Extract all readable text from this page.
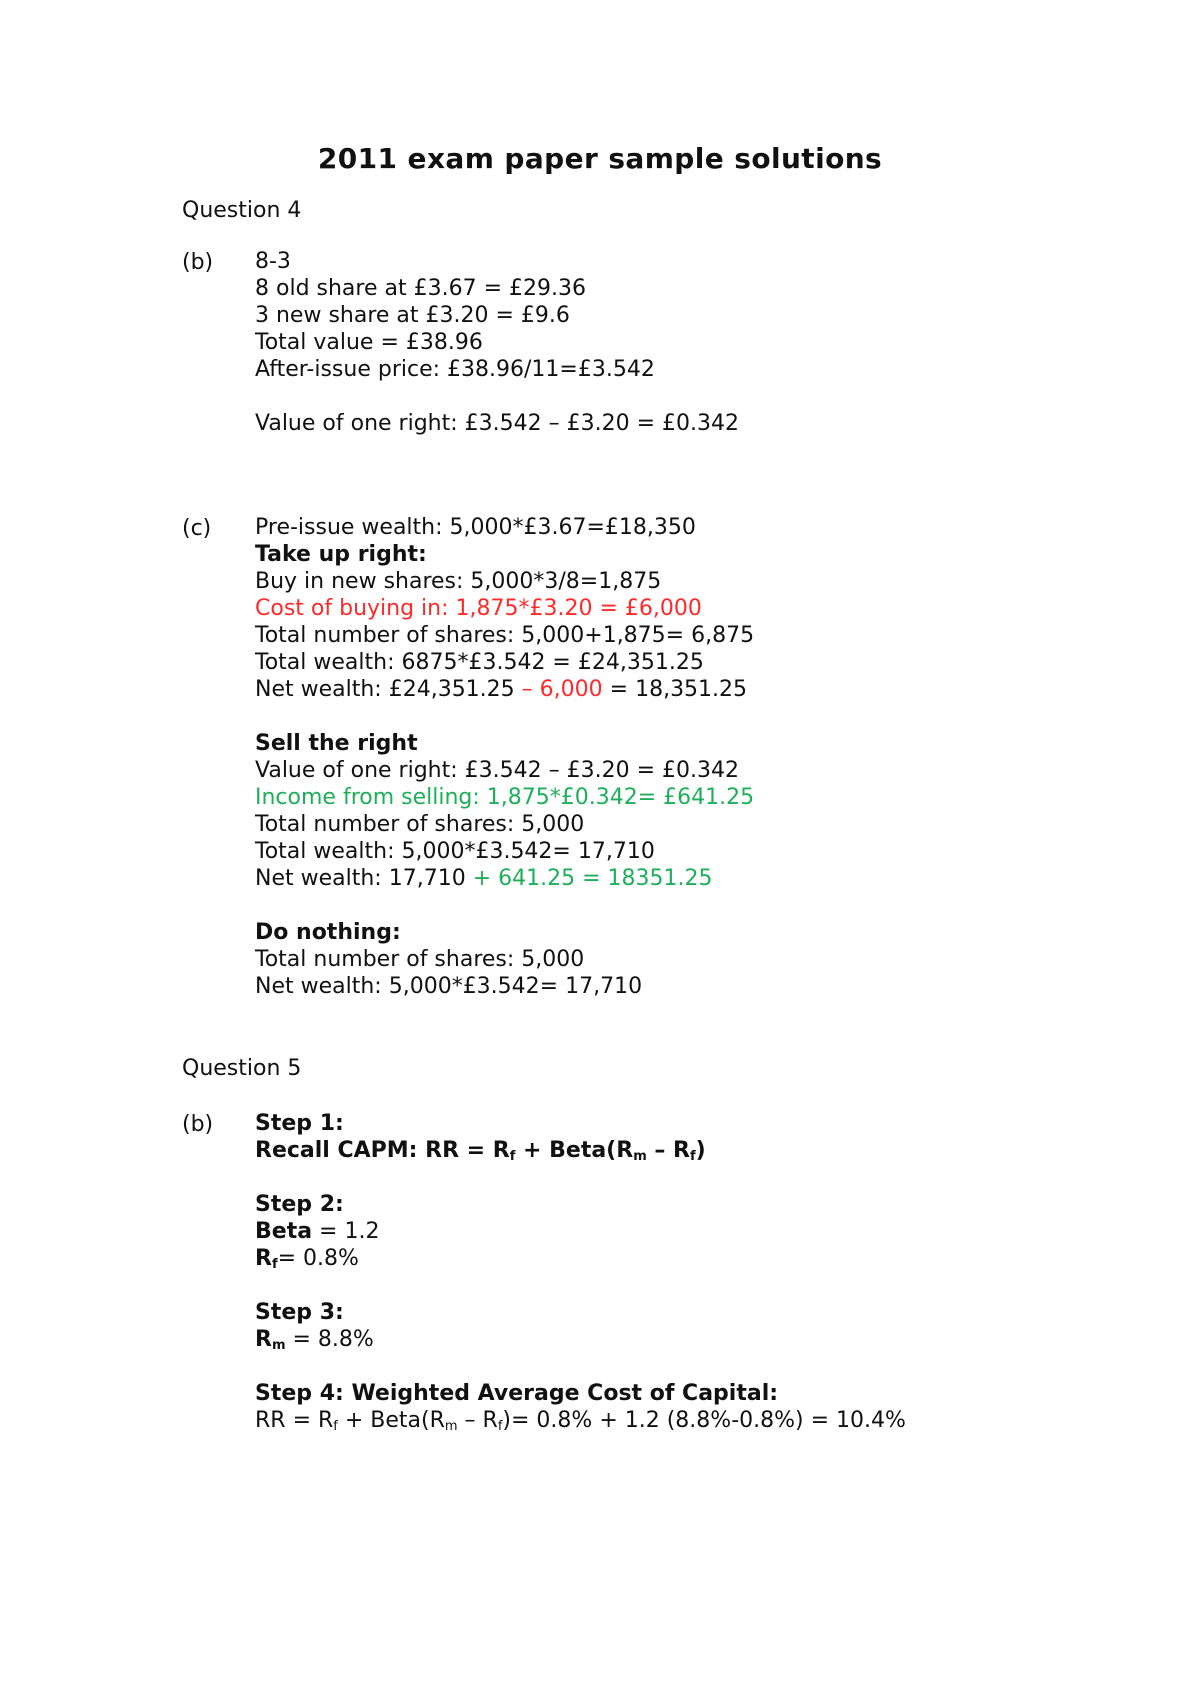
2011 exam paper sample solutions
Question 4
(b) 8-3
8 old share at £3.67 = £29.36
3 new share at £3.20 = £9.6
Total value = £38.96
After-issue price: £38.96/11=£3.542
Value of one right: £3.542 – £3.20 = £0.342
(c) Pre-issue wealth: 5,000*£3.67=£18,350
Take up right:
Buy in new shares: 5,000*3/8=1,875
Cost of buying in: 1,875*£3.20 = £6,000
Total number of shares: 5,000+1,875= 6,875
Total wealth: 6875*£3.542 = £24,351.25
Net wealth: £24,351.25 – 6,000 = 18,351.25
Sell the right
Value of one right: £3.542 – £3.20 = £0.342
Income from selling: 1,875*£0.342= £641.25
Total number of shares: 5,000
Total wealth: 5,000*£3.542= 17,710
Net wealth: 17,710 + 641.25 = 18351.25
Do nothing:
Total number of shares: 5,000
Net wealth: 5,000*£3.542= 17,710
Question 5
(b) Step 1:
Recall CAPM: RR = $R_f$ + $Beta(R_m - R_f)$
Step 2:
Beta = 1.2
$R_f= 0.8\%$
Step 3:
$R_m = 8.8\%$
Step 4: Weighted Average Cost of Capital:
RR = $R_f$ + $Beta(R_m - R_f)= 0.8\% + 1.2$ (8.8%-0.8%) = 10.4%
